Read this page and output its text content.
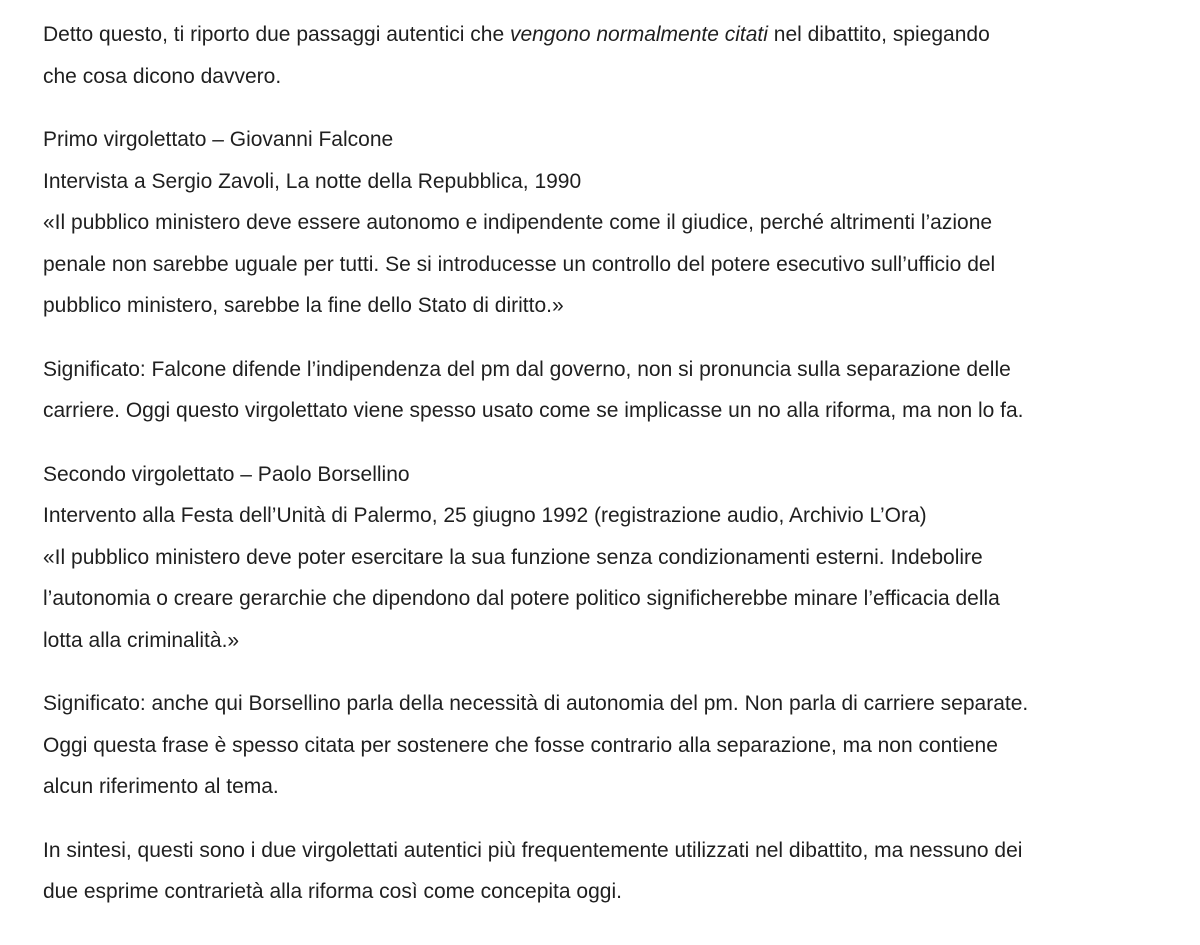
Detto questo, ti riporto due passaggi autentici che vengono normalmente citati nel dibattito, spiegando
che cosa dicono davvero.

Primo virgolettato – Giovanni Falcone
Intervista a Sergio Zavoli, La notte della Repubblica, 1990
«Il pubblico ministero deve essere autonomo e indipendente come il giudice, perché altrimenti l’azione
penale non sarebbe uguale per tutti. Se si introducesse un controllo del potere esecutivo sull’ufficio del
pubblico ministero, sarebbe la fine dello Stato di diritto.»

Significato: Falcone difende l’indipendenza del pm dal governo, non si pronuncia sulla separazione delle
carriere. Oggi questo virgolettato viene spesso usato come se implicasse un no alla riforma, ma non lo fa.

Secondo virgolettato – Paolo Borsellino
Intervento alla Festa dell’Unità di Palermo, 25 giugno 1992 (registrazione audio, Archivio L’Ora)
«Il pubblico ministero deve poter esercitare la sua funzione senza condizionamenti esterni. Indebolire
l’autonomia o creare gerarchie che dipendono dal potere politico significherebbe minare l’efficacia della
lotta alla criminalità.»

Significato: anche qui Borsellino parla della necessità di autonomia del pm. Non parla di carriere separate.
Oggi questa frase è spesso citata per sostenere che fosse contrario alla separazione, ma non contiene
alcun riferimento al tema.

In sintesi, questi sono i due virgolettati autentici più frequentemente utilizzati nel dibattito, ma nessuno dei
due esprime contrarietà alla riforma così come concepita oggi.
